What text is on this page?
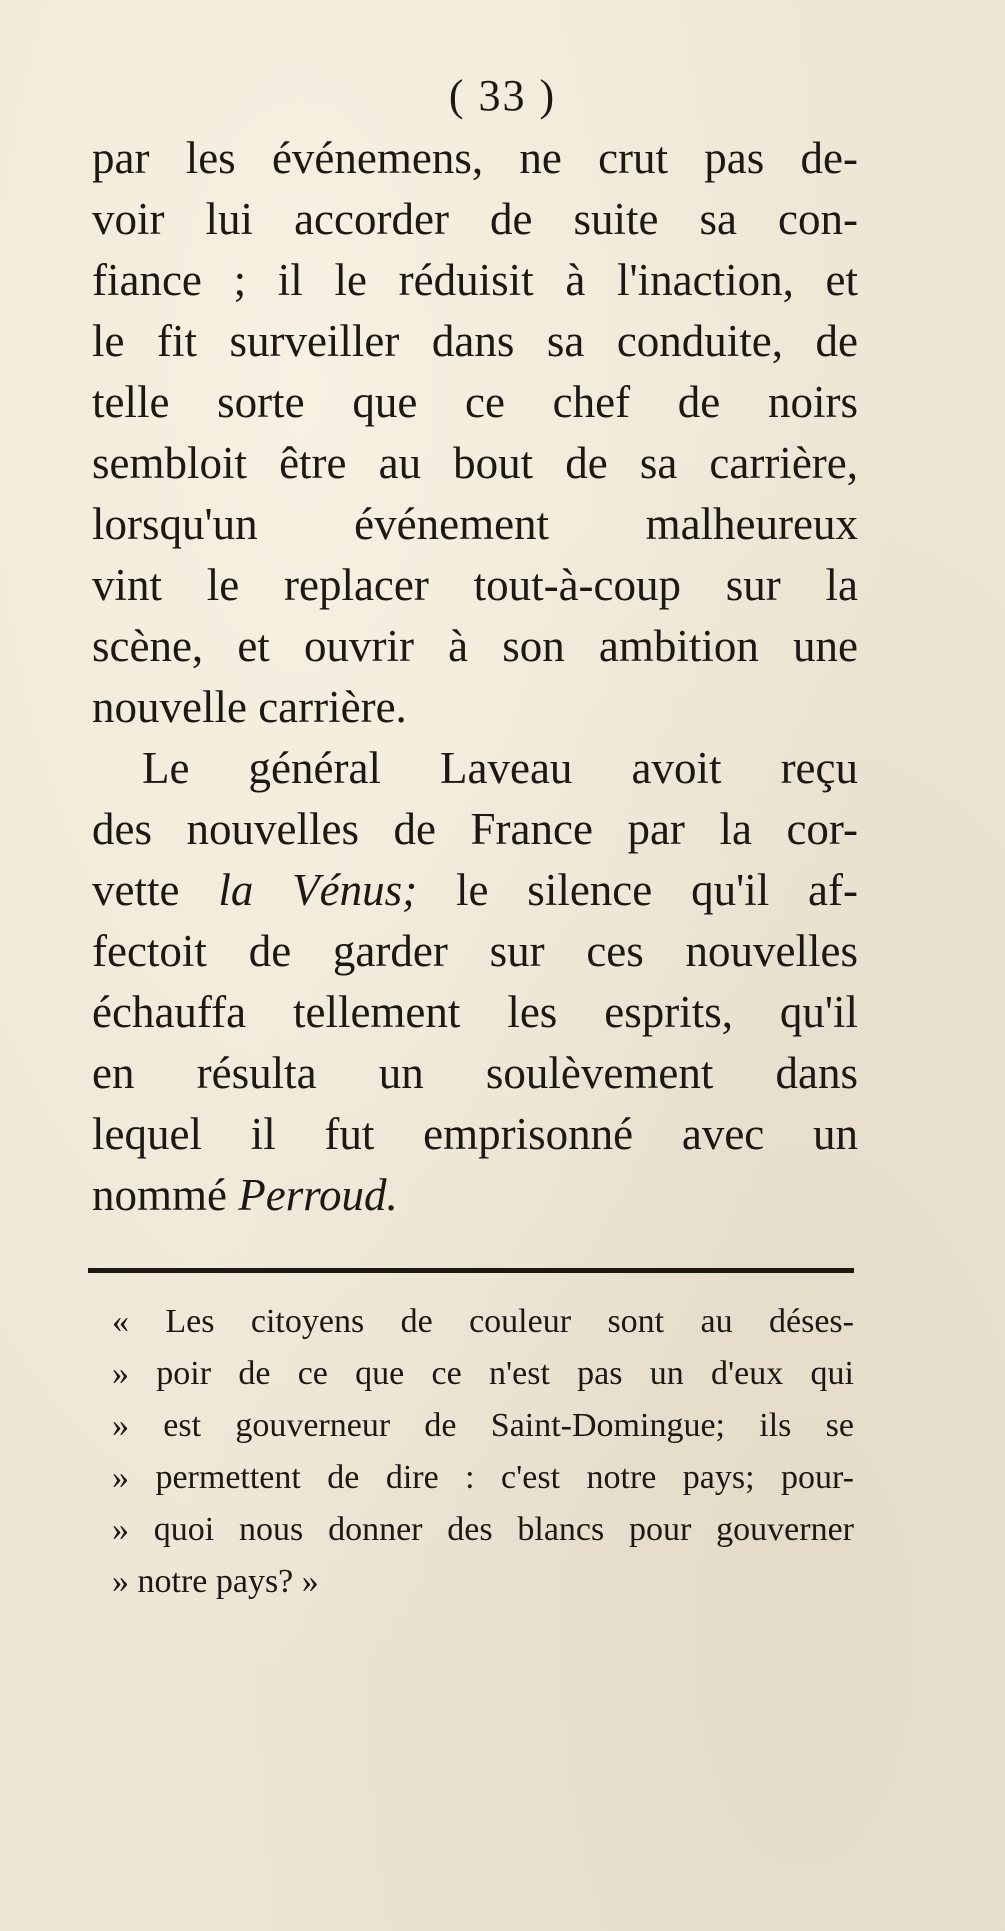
( 33 )
par les événemens, ne crut pas de-
voir lui accorder de suite sa con-
fiance ; il le réduisit à l'inaction, et
le fit surveiller dans sa conduite, de
telle sorte que ce chef de noirs
sembloit être au bout de sa carrière,
lorsqu'un événement malheureux
vint le replacer tout-à-coup sur la
scène, et ouvrir à son ambition une
nouvelle carrière.
Le général Laveau avoit reçu
des nouvelles de France par la cor-
vette la Vénus; le silence qu'il af-
fectoit de garder sur ces nouvelles
échauffa tellement les esprits, qu'il
en résulta un soulèvement dans
lequel il fut emprisonné avec un
nommé Perroud.
« Les citoyens de couleur sont au déses-
» poir de ce que ce n'est pas un d'eux qui
» est gouverneur de Saint-Domingue; ils se
» permettent de dire : c'est notre pays; pour-
» quoi nous donner des blancs pour gouverner
» notre pays? »
